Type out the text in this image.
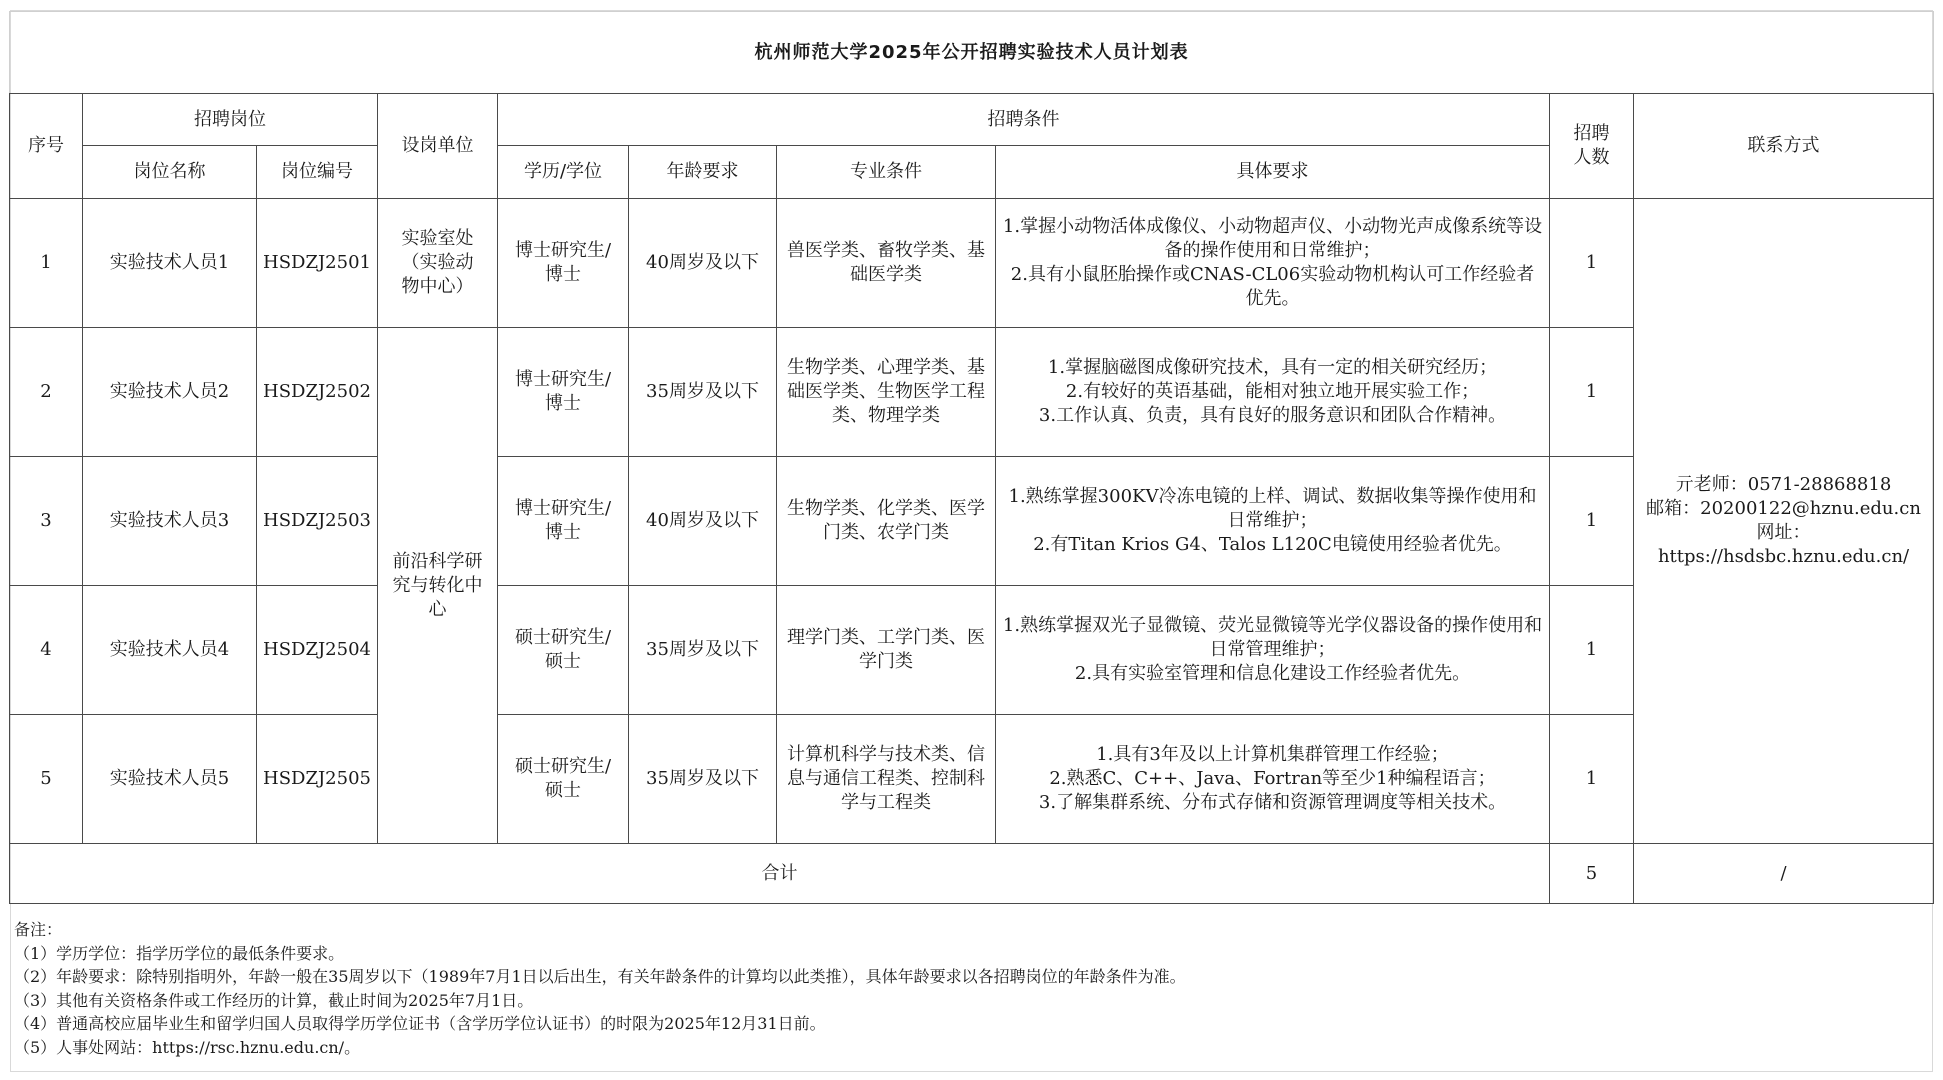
杭州师范大学2025年公开招聘实验技术人员计划表									
序号	招聘岗位		设岗单位	招聘条件				招聘人数	联系方式
	岗位名称	岗位编号		学历/学位	年龄要求	专业条件	具体要求		
1	实验技术人员1	HSDZJ2501	实验室处（实验动物中心）	博士研究生/博士	40周岁及以下	兽医学类、畜牧学类、基础医学类	1.掌握小动物活体成像仪、小动物超声仪、小动物光声成像系统等设备的操作使用和日常维护；
2.具有小鼠胚胎操作或CNAS-CL06实验动物机构认可工作经验者优先。	1	亓老师：0571-28868818
邮箱：20200122@hznu.edu.cn
网址：
https://hsdsbc.hznu.edu.cn/
2	实验技术人员2	HSDZJ2502	前沿科学研究与转化中心	博士研究生/博士	35周岁及以下	生物学类、心理学类、基础医学类、生物医学工程类、物理学类	1.掌握脑磁图成像研究技术，具有一定的相关研究经历；
2.有较好的英语基础，能相对独立地开展实验工作；
3.工作认真、负责，具有良好的服务意识和团队合作精神。	1	
3	实验技术人员3	HSDZJ2503		博士研究生/博士	40周岁及以下	生物学类、化学类、医学门类、农学门类	1.熟练掌握300KV冷冻电镜的上样、调试、数据收集等操作使用和日常维护；
2.有Titan Krios G4、Talos L120C电镜使用经验者优先。	1	
4	实验技术人员4	HSDZJ2504		硕士研究生/硕士	35周岁及以下	理学门类、工学门类、医学门类	1.熟练掌握双光子显微镜、荧光显微镜等光学仪器设备的操作使用和日常管理维护；
2.具有实验室管理和信息化建设工作经验者优先。	1	
5	实验技术人员5	HSDZJ2505		硕士研究生/硕士	35周岁及以下	计算机科学与技术类、信息与通信工程类、控制科学与工程类	1.具有3年及以上计算机集群管理工作经验；
2.熟悉C、C++、Java、Fortran等至少1种编程语言；
3.了解集群系统、分布式存储和资源管理调度等相关技术。	1	
合计								5	/
备注：
（1）学历学位：指学历学位的最低条件要求。
（2）年龄要求：除特别指明外，年龄一般在35周岁以下（1989年7月1日以后出生，有关年龄条件的计算均以此类推），具体年龄要求以各招聘岗位的年龄条件为准。
（3）其他有关资格条件或工作经历的计算，截止时间为2025年7月1日。
（4）普通高校应届毕业生和留学归国人员取得学历学位证书（含学历学位认证书）的时限为2025年12月31日前。
（5）人事处网站：https://rsc.hznu.edu.cn/。
